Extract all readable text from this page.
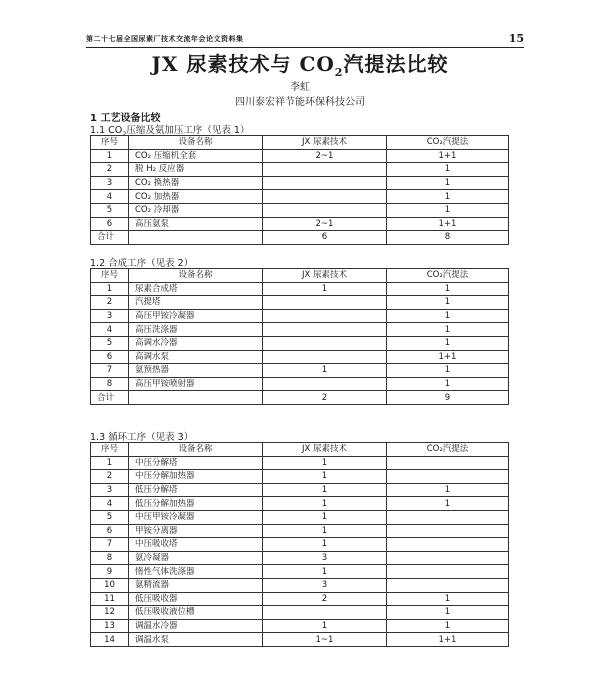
第二十七届全国尿素厂技术交流年会论文资料集	15
JX 尿素技术与 $CO_2$汽提法比较
李虹
四川泰宏祥节能环保科技公司
1 工艺设备比较
1.1 $CO_2$压缩及氨加压工序（见表 1）
序号	设备名称	JX 尿素技术	CO₂汽提法
1	CO₂ 压缩机全套	2~1	1+1
2	脱 H₂ 反应器		1
3	CO₂ 换热器		1
4	CO₂ 加热器		1
5	CO₂ 冷却器		1
6	高压氨泵	2~1	1+1
合计		6	8
1.2 合成工序（见表 2）
序号	设备名称	JX 尿素技术	CO₂汽提法
1	尿素合成塔	1	1
2	汽提塔		1
3	高压甲铵冷凝器		1
4	高压洗涤器		1
5	高调水冷器		1
6	高调水泵		1+1
7	氨预热器	1	1
8	高压甲铵喷射器		1
合计		2	9
1.3 循环工序（见表 3）
序号	设备名称	JX 尿素技术	CO₂汽提法
1	中压分解塔	1	
2	中压分解加热器	1	
3	低压分解塔	1	1
4	低压分解加热器	1	1
5	中压甲铵冷凝器	1	
6	甲铵分离器	1	
7	中压吸收塔	1	
8	氨冷凝器	3	
9	惰性气体洗涤器	1	
10	氨精流器	3	
11	低压吸收器	2	1
12	低压吸收液位槽		1
13	调温水冷器	1	1
14	调温水泵	1~1	1+1
